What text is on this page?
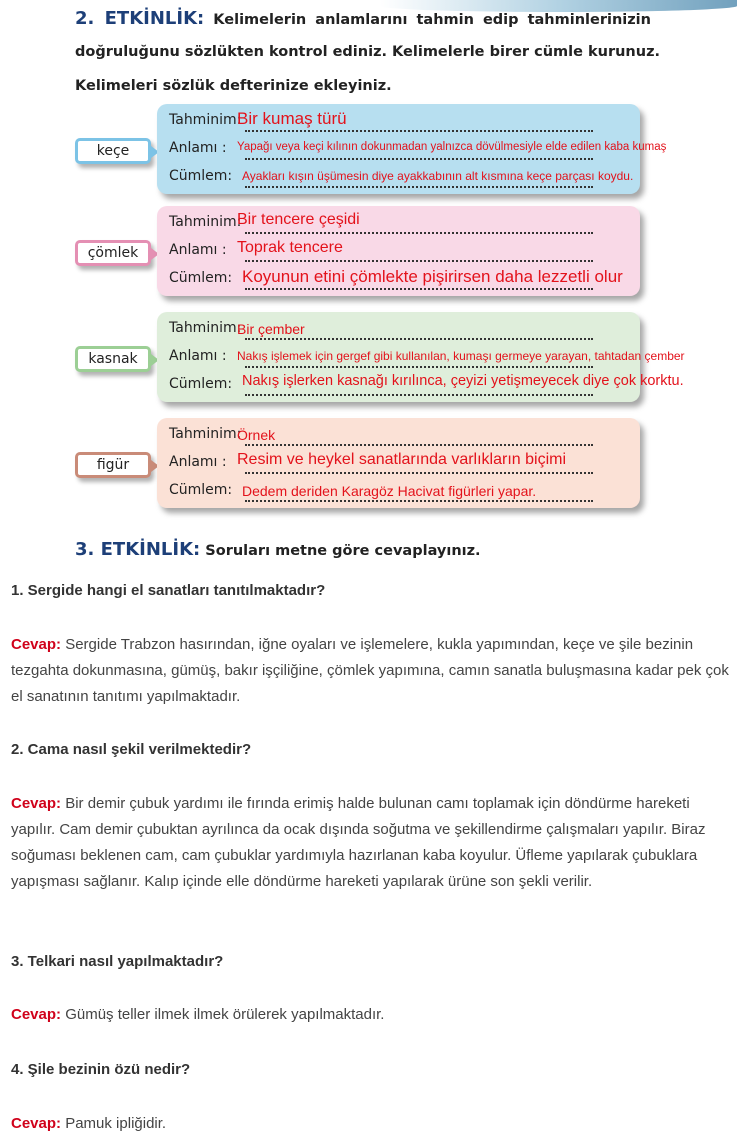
2. ETKİNLİK: Kelimelerin anlamlarını tahmin edip tahminlerinizin
doğruluğunu sözlükten kontrol ediniz. Kelimelerle birer cümle kurunuz.
Kelimeleri sözlük defterinize ekleyiniz.
keçe
Tahminim:
Bir kumaş türü
Anlamı : Yapağı veya keçi kılının dokunmadan yalnızca dövülmesiyle elde edilen kaba kumaş
Cümlem: Ayakları kışın üşümesin diye ayakkabının alt kısmına keçe parçası koydu.
çömlek
Tahminim:
Bir tencere çeşidi
Anlamı : Toprak tencere
Cümlem: Koyunun etini çömlekte pişirirsen daha lezzetli olur
kasnak
Tahminim:
Bir çember
Anlamı : Nakış işlemek için gergef gibi kullanılan, kumaşı germeye yarayan, tahtadan çember
Cümlem: Nakış işlerken kasnağı kırılınca, çeyizi yetişmeyecek diye çok korktu.
figür
Tahminim:
Örnek
Anlamı : Resim ve heykel sanatlarında varlıkların biçimi
Cümlem: Dedem deriden Karagöz Hacivat figürleri yapar.
3. ETKİNLİK: Soruları metne göre cevaplayınız.
1. Sergide hangi el sanatları tanıtılmaktadır?
Cevap: Sergide Trabzon hasırından, iğne oyaları ve işlemelere, kukla yapımından, keçe ve şile bezinin tezgahta dokunmasına, gümüş, bakır işçiliğine, çömlek yapımına, camın sanatla buluşmasına kadar pek çok el sanatının tanıtımı yapılmaktadır.
2. Cama nasıl şekil verilmektedir?
Cevap: Bir demir çubuk yardımı ile fırında erimiş halde bulunan camı toplamak için döndürme hareketi yapılır. Cam demir çubuktan ayrılınca da ocak dışında soğutma ve şekillendirme çalışmaları yapılır. Biraz soğuması beklenen cam, cam çubuklar yardımıyla hazırlanan kaba koyulur. Üfleme yapılarak çubuklara yapışması sağlanır. Kalıp içinde elle döndürme hareketi yapılarak ürüne son şekli verilir.
3. Telkari nasıl yapılmaktadır?
Cevap: Gümüş teller ilmek ilmek örülerek yapılmaktadır.
4. Şile bezinin özü nedir?
Cevap: Pamuk ipliğidir.
